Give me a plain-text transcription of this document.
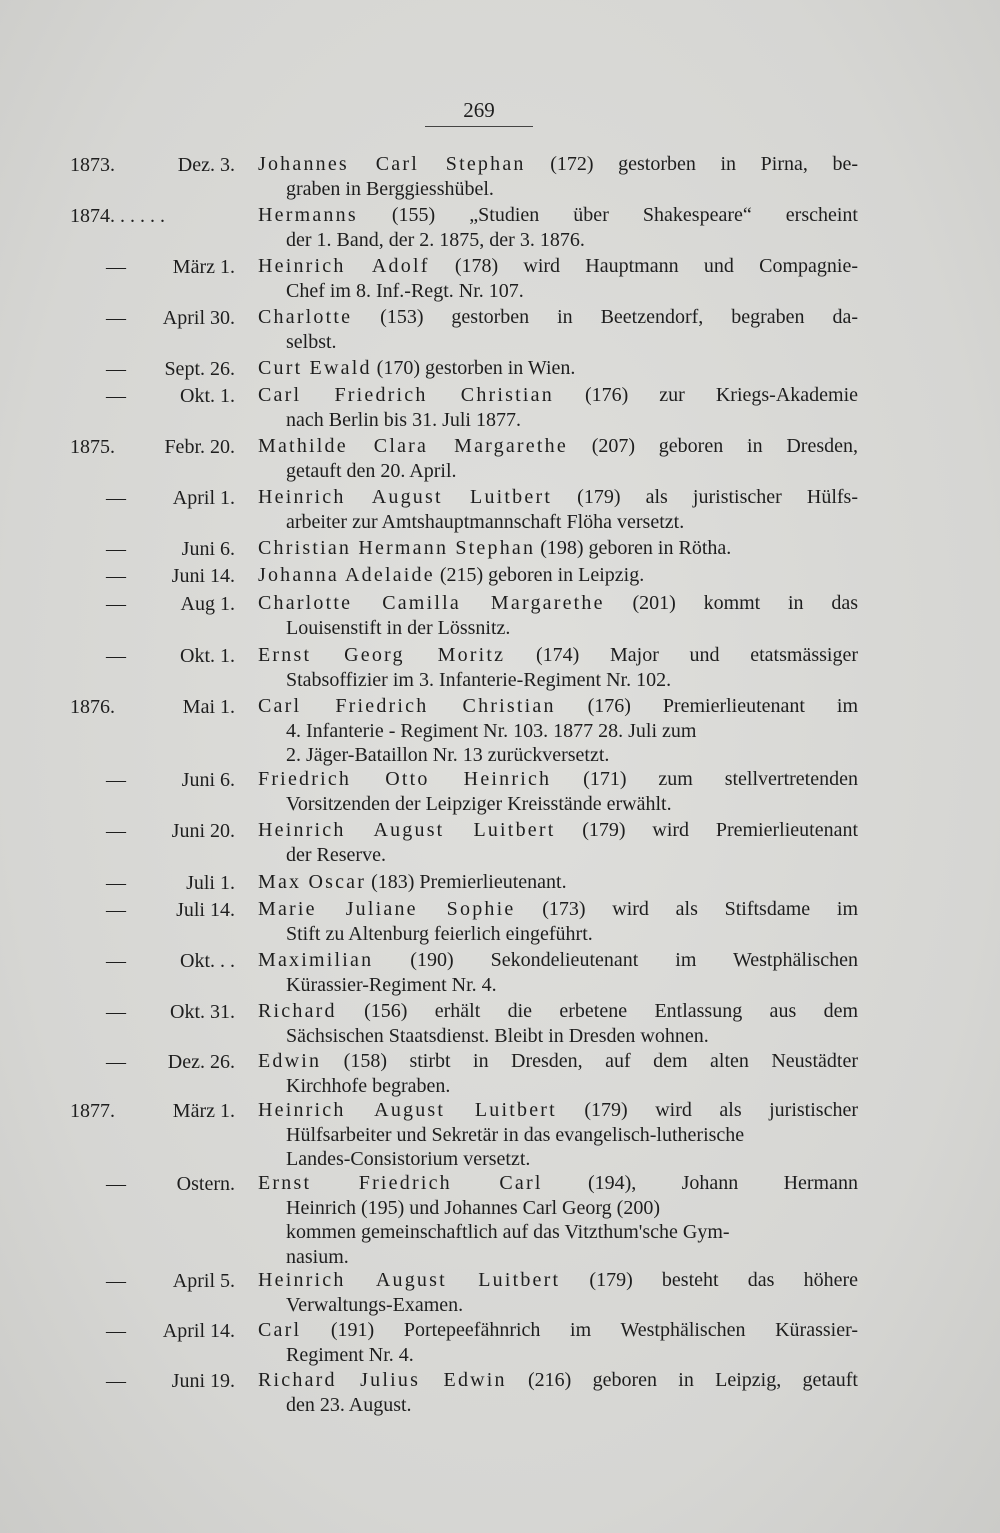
269
1873.	Dez. 3. Johannes Carl Stephan (172) gestorben in Pirna, be-
graben in Berggiesshübel.
1874. . . . . .	Hermanns (155) „Studien über Shakespeare“ erscheint
der 1. Band, der 2. 1875, der 3. 1876.
—	März 1. Heinrich Adolf (178) wird Hauptmann und Compagnie-
Chef im 8. Inf.-Regt. Nr. 107.
—	April 30. Charlotte (153) gestorben in Beetzendorf, begraben da-
selbst.
—	Sept. 26. Curt Ewald (170) gestorben in Wien.
—	Okt. 1. Carl Friedrich Christian (176) zur Kriegs-Akademie
nach Berlin bis 31. Juli 1877.
1875.	Febr. 20. Mathilde Clara Margarethe (207) geboren in Dresden,
getauft den 20. April.
—	April 1. Heinrich August Luitbert (179) als juristischer Hülfs-
arbeiter zur Amtshauptmannschaft Flöha versetzt.
—	Juni 6. Christian Hermann Stephan (198) geboren in Rötha.
—	Juni 14. Johanna Adelaide (215) geboren in Leipzig.
—	Aug 1. Charlotte Camilla Margarethe (201) kommt in das
Louisenstift in der Lössnitz.
—	Okt. 1. Ernst Georg Moritz (174) Major und etatsmässiger
Stabsoffizier im 3. Infanterie-Regiment Nr. 102.
1876.	Mai 1. Carl Friedrich Christian (176) Premierlieutenant im
4. Infanterie - Regiment Nr. 103. 1877 28. Juli zum
2. Jäger-Bataillon Nr. 13 zurückversetzt.
—	Juni 6. Friedrich Otto Heinrich (171) zum stellvertretenden
Vorsitzenden der Leipziger Kreisstände erwählt.
—	Juni 20. Heinrich August Luitbert (179) wird Premierlieutenant
der Reserve.
—	Juli 1. Max Oscar (183) Premierlieutenant.
—	Juli 14. Marie Juliane Sophie (173) wird als Stiftsdame im
Stift zu Altenburg feierlich eingeführt.
—	Okt. . . Maximilian (190) Sekondelieutenant im Westphälischen
Kürassier-Regiment Nr. 4.
—	Okt. 31. Richard (156) erhält die erbetene Entlassung aus dem
Sächsischen Staatsdienst. Bleibt in Dresden wohnen.
—	Dez. 26. Edwin (158) stirbt in Dresden, auf dem alten Neustädter
Kirchhofe begraben.
1877.	März 1. Heinrich August Luitbert (179) wird als juristischer
Hülfsarbeiter und Sekretär in das evangelisch-lutherische
Landes-Consistorium versetzt.
—	Ostern. Ernst Friedrich Carl (194), Johann Hermann
Heinrich (195) und Johannes Carl Georg (200)
kommen gemeinschaftlich auf das Vitzthum'sche Gym-
nasium.
—	April 5. Heinrich August Luitbert (179) besteht das höhere
Verwaltungs-Examen.
—	April 14. Carl (191) Portepeefähnrich im Westphälischen Kürassier-
Regiment Nr. 4.
—	Juni 19. Richard Julius Edwin (216) geboren in Leipzig, getauft
den 23. August.
